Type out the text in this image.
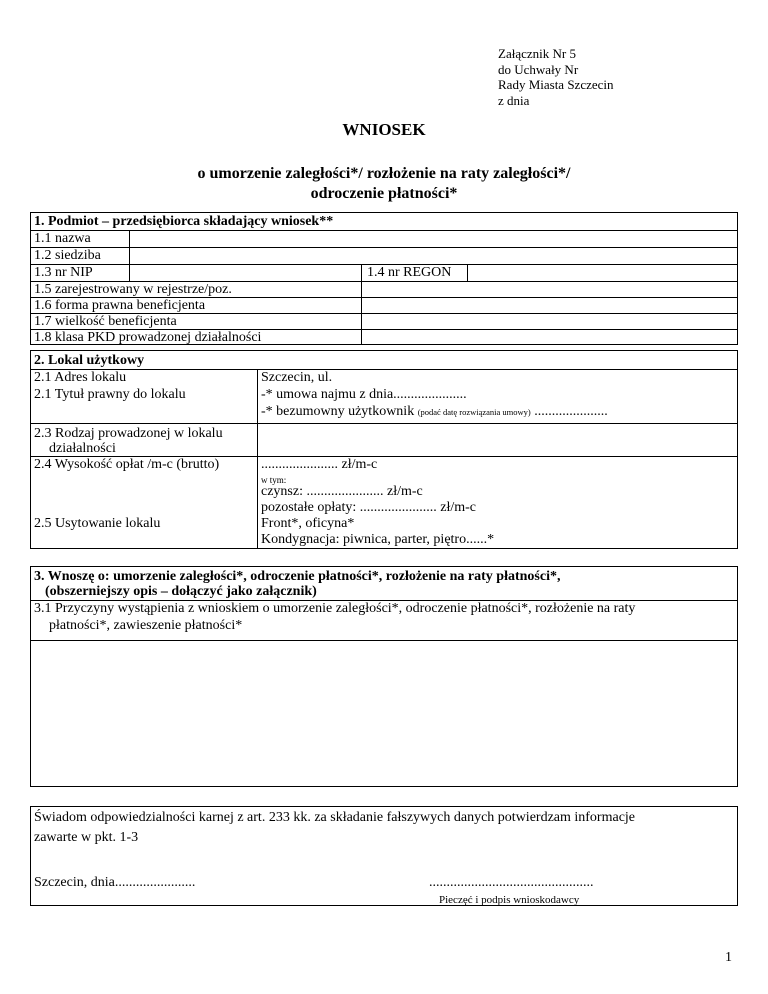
Załącznik Nr 5
do Uchwały Nr
Rady Miasta Szczecin
z dnia
WNIOSEK
o umorzenie zaległości*/ rozłożenie na raty zaległości*/
odroczenie płatności*
1. Podmiot – przedsiębiorca składający wniosek**
1.1 nazwa
1.2 siedziba
1.3 nr NIP	1.4 nr REGON
1.5 zarejestrowany w rejestrze/poz.
1.6 forma prawna beneficjenta
1.7 wielkość beneficjenta
1.8 klasa PKD prowadzonej działalności
2. Lokal użytkowy
2.1 Adres lokalu	Szczecin, ul.
2.1 Tytuł prawny do lokalu	-* umowa najmu z dnia.....................
-* bezumowny użytkownik (podać datę rozwiązania umowy) .....................
2.3 Rodzaj prowadzonej w lokalu
działalności
2.4 Wysokość opłat /m-c (brutto)	...................... zł/m-c
w tym:
czynsz: ...................... zł/m-c
pozostałe opłaty: ...................... zł/m-c
2.5 Usytowanie lokalu	Front*, oficyna*
Kondygnacja: piwnica, parter, piętro......*
3. Wnoszę o: umorzenie zaległości*, odroczenie płatności*, rozłożenie na raty płatności*,
(obszerniejszy opis – dołączyć jako załącznik)
3.1 Przyczyny wystąpienia z wnioskiem o umorzenie zaległości*, odroczenie płatności*, rozłożenie na raty
płatności*, zawieszenie płatności*
Świadom odpowiedzialności karnej z art. 233 kk. za składanie fałszywych danych potwierdzam informacje
zawarte w pkt. 1-3
Szczecin, dnia.......................	...............................................
Pieczęć i podpis wnioskodawcy
1
